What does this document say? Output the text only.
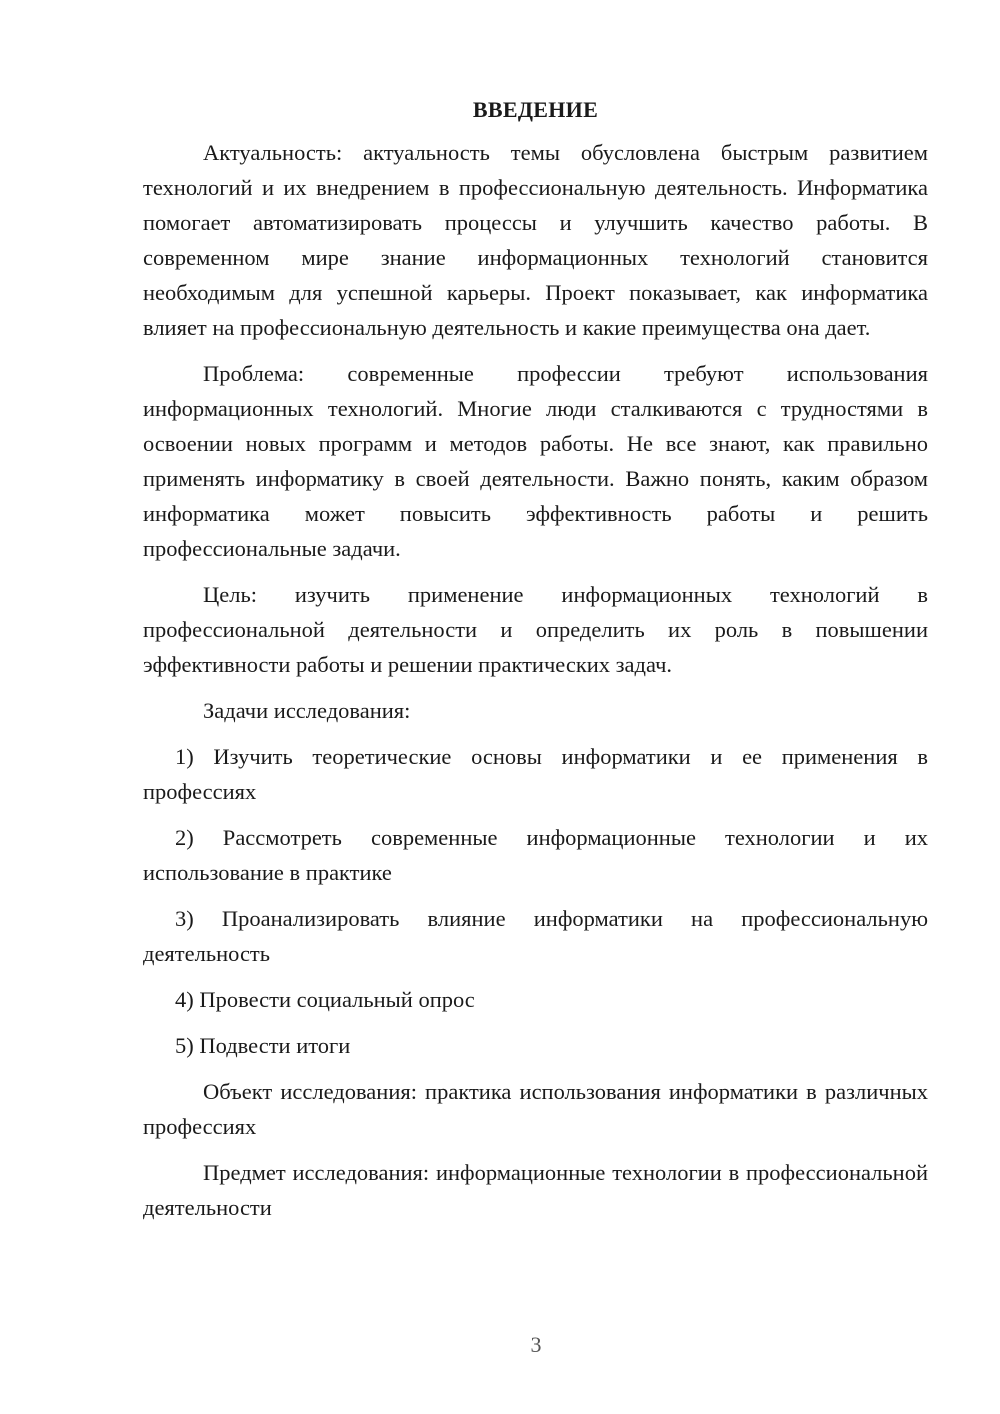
ВВЕДЕНИЕ

Актуальность: актуальность темы обусловлена быстрым развитием технологий и их внедрением в профессиональную деятельность. Информатика помогает автоматизировать процессы и улучшить качество работы. В современном мире знание информационных технологий становится необходимым для успешной карьеры. Проект показывает, как информатика влияет на профессиональную деятельность и какие преимущества она дает.

Проблема: современные профессии требуют использования информационных технологий. Многие люди сталкиваются с трудностями в освоении новых программ и методов работы. Не все знают, как правильно применять информатику в своей деятельности. Важно понять, каким образом информатика может повысить эффективность работы и решить профессиональные задачи.

Цель: изучить применение информационных технологий в профессиональной деятельности и определить их роль в повышении эффективности работы и решении практических задач.

Задачи исследования:

1) Изучить теоретические основы информатики и ее применения в профессиях

2) Рассмотреть современные информационные технологии и их использование в практике

3) Проанализировать влияние информатики на профессиональную деятельность

4) Провести социальный опрос

5) Подвести итоги

Объект исследования: практика использования информатики в различных профессиях

Предмет исследования: информационные технологии в профессиональной деятельности

3
